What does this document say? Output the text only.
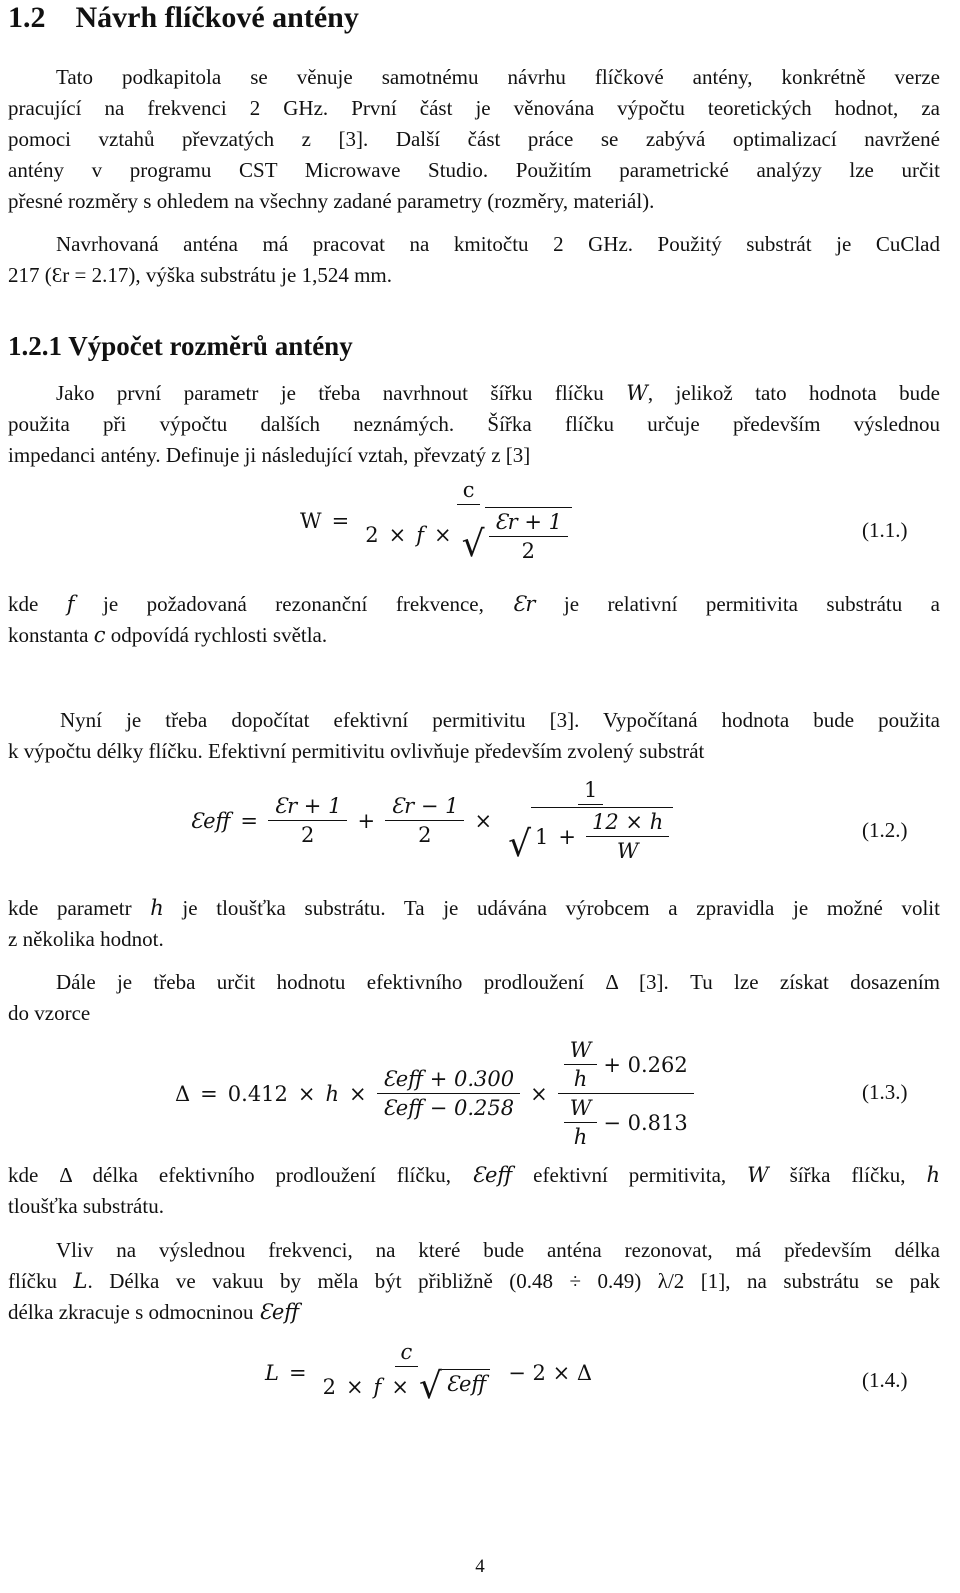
1.2 Návrh flíčkové antény

Tato podkapitola se věnuje samotnému návrhu flíčkové antény, konkrétně verze

pracující na frekvenci 2 GHz. První část je věnována výpočtu teoretických hodnot, za

pomoci vztahů převzatých z [3]. Další část práce se zabývá optimalizací navržené

antény v programu CST Microwave Studio. Použitím parametrické analýzy lze určit

přesné rozměry s ohledem na všechny zadané parametry (rozměry, materiál).

Navrhovaná anténa má pracovat na kmitočtu 2 GHz. Použitý substrát je CuClad

217 (Ɛr = 2.17), výška substrátu je 1,524 mm.

1.2.1 Výpočet rozměrů antény

Jako první parametr je třeba navrhnout šířku flíčku W, jelikož tato hodnota bude

použita při výpočtu dalších neznámých. Šířka flíčku určuje především výslednou

impedanci antény. Definuje ji následující vztah, převzatý z [3]

W =
c
2 × f × √ $\frac{Ɛr + 1}{2}$	(1.1.)

kde f je požadovaná rezonanční frekvence, Ɛr je relativní permitivita substrátu a

konstanta c odpovídá rychlosti světla.

Nyní je třeba dopočítat efektivní permitivitu [3]. Vypočítaná hodnota bude použita

k výpočtu délky flíčku. Efektivní permitivitu ovlivňuje především zvolený substrát

Ɛeff = $\frac{Ɛr + 1}{2} + \frac{Ɛr - 1}{2}$ ×
1
√ $1 + \frac{12 \times h}{W}$	(1.2.)

kde parametr h je tloušťka substrátu. Ta je udávána výrobcem a zpravidla je možné volit

z několika hodnot.

Dále je třeba určit hodnotu efektivního prodloužení Δ [3]. Tu lze získat dosazením

do vzorce

$\Delta = 0.412 \times h \times \frac{\text{Ɛeff + 0.300}}{\text{Ɛeff − 0.258}} \times \frac{\frac{W}{h} + 0.262}{\frac{W}{h} - 0.813}$	(1.3.)

kde Δ délka efektivního prodloužení flíčku, Ɛeff efektivní permitivita, W šířka flíčku, h

tloušťka substrátu.

Vliv na výslednou frekvenci, na které bude anténa rezonovat, má především délka

flíčku L. Délka ve vakuu by měla být přibližně (0.48 ÷ 0.49) λ/2 [1], na substrátu se pak

délka zkracuje s odmocninou Ɛeff

L =
c
2 × f × √ Ɛeff	− 2 × Δ	(1.4.)
4
